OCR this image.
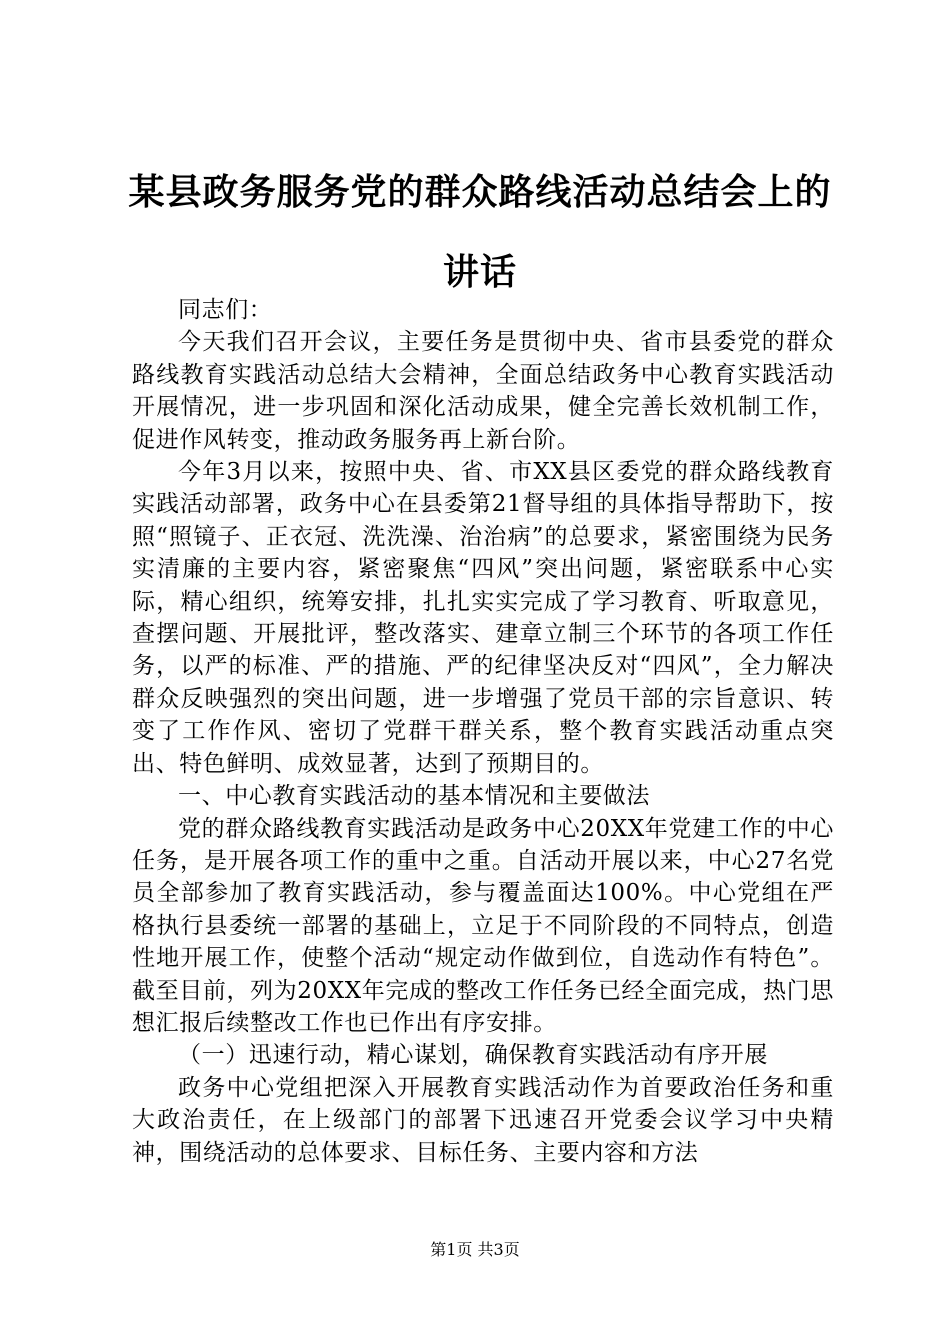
某县政务服务党的群众路线活动总结会上的讲话

同志们：

今天我们召开会议，主要任务是贯彻中央、省市县委党的群众路线教育实践活动总结大会精神，全面总结政务中心教育实践活动开展情况，进一步巩固和深化活动成果，健全完善长效机制工作，促进作风转变，推动政务服务再上新台阶。

今年3月以来，按照中央、省、市XX县区委党的群众路线教育实践活动部署，政务中心在县委第21督导组的具体指导帮助下，按照“照镜子、正衣冠、洗洗澡、治治病”的总要求，紧密围绕为民务实清廉的主要内容，紧密聚焦“四风”突出问题，紧密联系中心实际，精心组织，统筹安排，扎扎实实完成了学习教育、听取意见，查摆问题、开展批评，整改落实、建章立制三个环节的各项工作任务，以严的标准、严的措施、严的纪律坚决反对“四风”，全力解决群众反映强烈的突出问题，进一步增强了党员干部的宗旨意识、转变了工作作风、密切了党群干群关系，整个教育实践活动重点突出、特色鲜明、成效显著，达到了预期目的。

一、中心教育实践活动的基本情况和主要做法

党的群众路线教育实践活动是政务中心20XX年党建工作的中心任务，是开展各项工作的重中之重。自活动开展以来，中心27名党员全部参加了教育实践活动，参与覆盖面达100%。中心党组在严格执行县委统一部署的基础上，立足于不同阶段的不同特点，创造性地开展工作，使整个活动“规定动作做到位，自选动作有特色”。截至目前，列为20XX年完成的整改工作任务已经全面完成，热门思想汇报后续整改工作也已作出有序安排。

（一）迅速行动，精心谋划，确保教育实践活动有序开展

政务中心党组把深入开展教育实践活动作为首要政治任务和重大政治责任，在上级部门的部署下迅速召开党委会议学习中央精神，围绕活动的总体要求、目标任务、主要内容和方法

第1页 共3页
